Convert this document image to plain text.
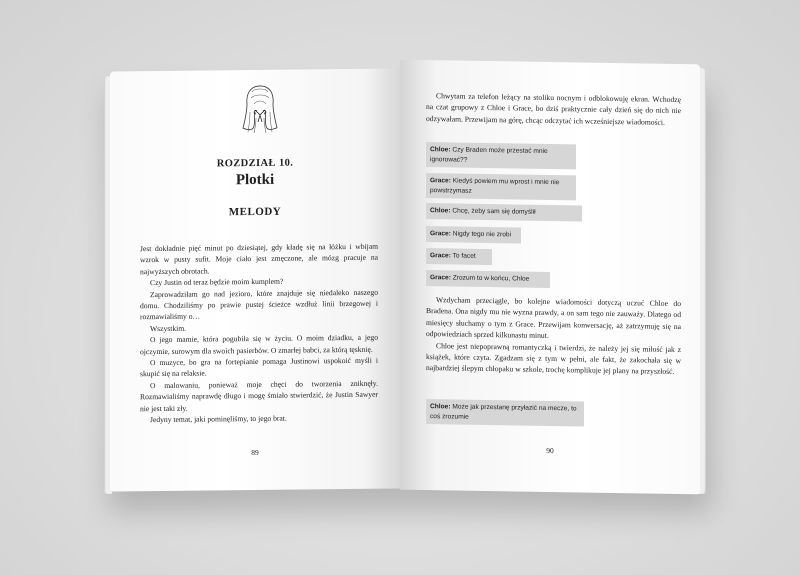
ROZDZIAŁ 10.
Plotki
MELODY

Jest dokładnie pięć minut po dziesiątej, gdy kładę się na łóżku i wbijam wzrok w pusty sufit. Moje ciało jest zmęczone, ale mózg pracuje na najwyższych obrotach.

Czy Justin od teraz będzie moim kumplem?

Zaprowadziłam go nad jezioro, które znajduje się niedaleko naszego domu. Chodziliśmy po prawie pustej ścieżce wzdłuż linii brzegowej i rozmawialiśmy o…

Wszystkim.

O jego mamie, która pogubiła się w życiu. O moim dziadku, a jego ojczymie, surowym dla swoich pasierbów. O zmarłej babci, za którą tęsknię.

O muzyce, bo gra na fortepianie pomaga Justinowi uspokoić myśli i skupić się na relaksie.

O malowaniu, ponieważ moje chęci do tworzenia zniknęły. Rozmawialiśmy naprawdę długo i mogę śmiało stwierdzić, że Justin Sawyer nie jest taki zły.

Jedyny temat, jaki pominęliśmy, to jego brat.

89

Chwytam za telefon leżący na stoliku nocnym i odblokowuję ekran. Wchodzę na czat grupowy z Chloe i Grace, bo dziś praktycznie cały dzień się do nich nie odzywałam. Przewijam na górę, chcąc odczytać ich wcześniejsze wiadomości.

Chloe: Czy Braden może przestać mnie ignorować??
Grace: Kiedyś powiem mu wprost i mnie nie powstrzymasz
Chloe: Chcę, żeby sam się domyślił
Grace: Nigdy tego nie zrobi
Grace: To facet
Grace: Zrozum to w końcu, Chloe

Wzdycham przeciągle, bo kolejne wiadomości dotyczą uczuć Chloe do Bradena. Ona nigdy mu nie wyzna prawdy, a on sam tego nie zauważy. Dlatego od miesięcy słuchamy o tym z Grace. Przewijam konwersację, aż zatrzymuję się na odpowiedziach sprzed kilkunastu minut.

Chloe jest niepoprawną romantyczką i twierdzi, że należy jej się miłość jak z książek, które czyta. Zgadzam się z tym w pełni, ale fakt, że zakochała się w najbardziej ślepym chłopaku w szkole, trochę komplikuje jej plany na przyszłość.

Chloe: Może jak przestanę przyłazić na mecze, to coś zrozumie
90
